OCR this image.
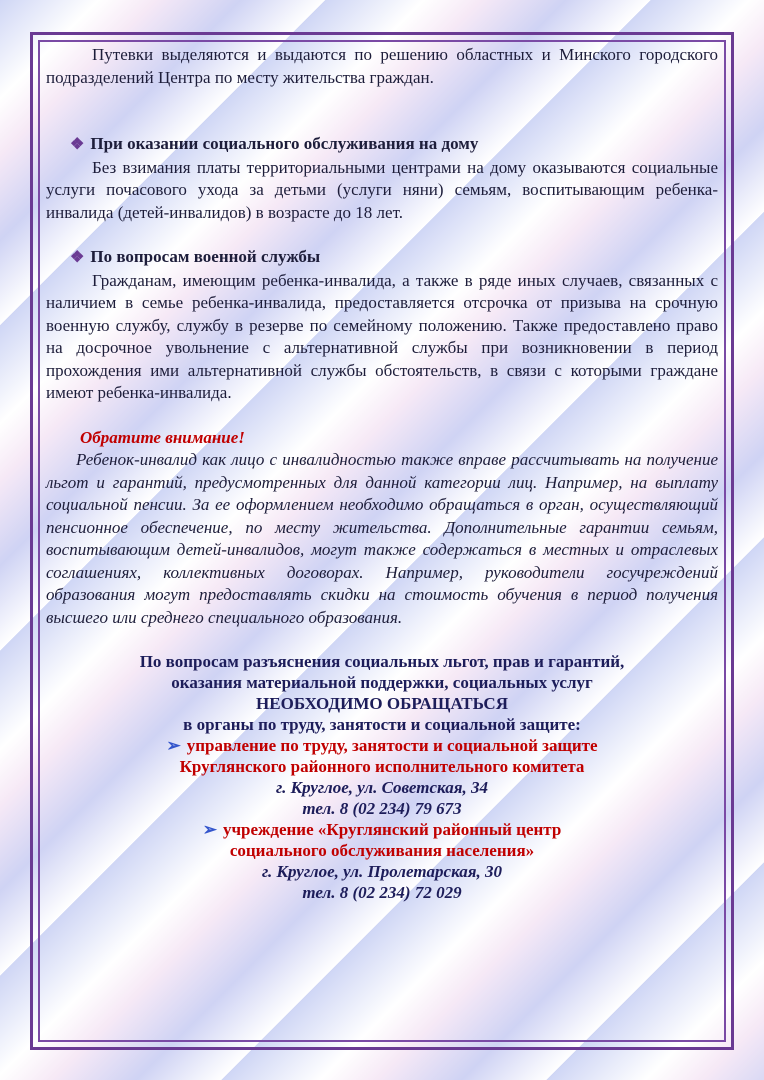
Путевки выделяются и выдаются по решению областных и Минского городского подразделений Центра по месту жительства граждан.

❖ При оказании социального обслуживания на дому

Без взимания платы территориальными центрами на дому оказываются социальные услуги почасового ухода за детьми (услуги няни) семьям, воспитывающим ребенка-инвалида (детей-инвалидов) в возрасте до 18 лет.

❖ По вопросам военной службы

Гражданам, имеющим ребенка-инвалида, а также в ряде иных случаев, связанных с наличием в семье ребенка-инвалида, предоставляется отсрочка от призыва на срочную военную службу, службу в резерве по семейному положению. Также предоставлено право на досрочное увольнение с альтернативной службы при возникновении в период прохождения ими альтернативной службы обстоятельств, в связи с которыми граждане имеют ребенка-инвалида.

Обратите внимание!

Ребенок-инвалид как лицо с инвалидностью также вправе рассчитывать на получение льгот и гарантий, предусмотренных для данной категории лиц. Например, на выплату социальной пенсии. За ее оформлением необходимо обращаться в орган, осуществляющий пенсионное обеспечение, по месту жительства. Дополнительные гарантии семьям, воспитывающим детей-инвалидов, могут также содержаться в местных и отраслевых соглашениях, коллективных договорах. Например, руководители госучреждений образования могут предоставлять скидки на стоимость обучения в период получения высшего или среднего специального образования.

По вопросам разъяснения социальных льгот, прав и гарантий,
оказания материальной поддержки, социальных услуг
НЕОБХОДИМО ОБРАЩАТЬСЯ
в органы по труду, занятости и социальной защите:
➢ управление по труду, занятости и социальной защите
Круглянского районного исполнительного комитета
г. Круглое, ул. Советская, 34
тел. 8 (02 234) 79 673
➢ учреждение «Круглянский районный центр
социального обслуживания населения»
г. Круглое, ул. Пролетарская, 30
тел. 8 (02 234) 72 029
